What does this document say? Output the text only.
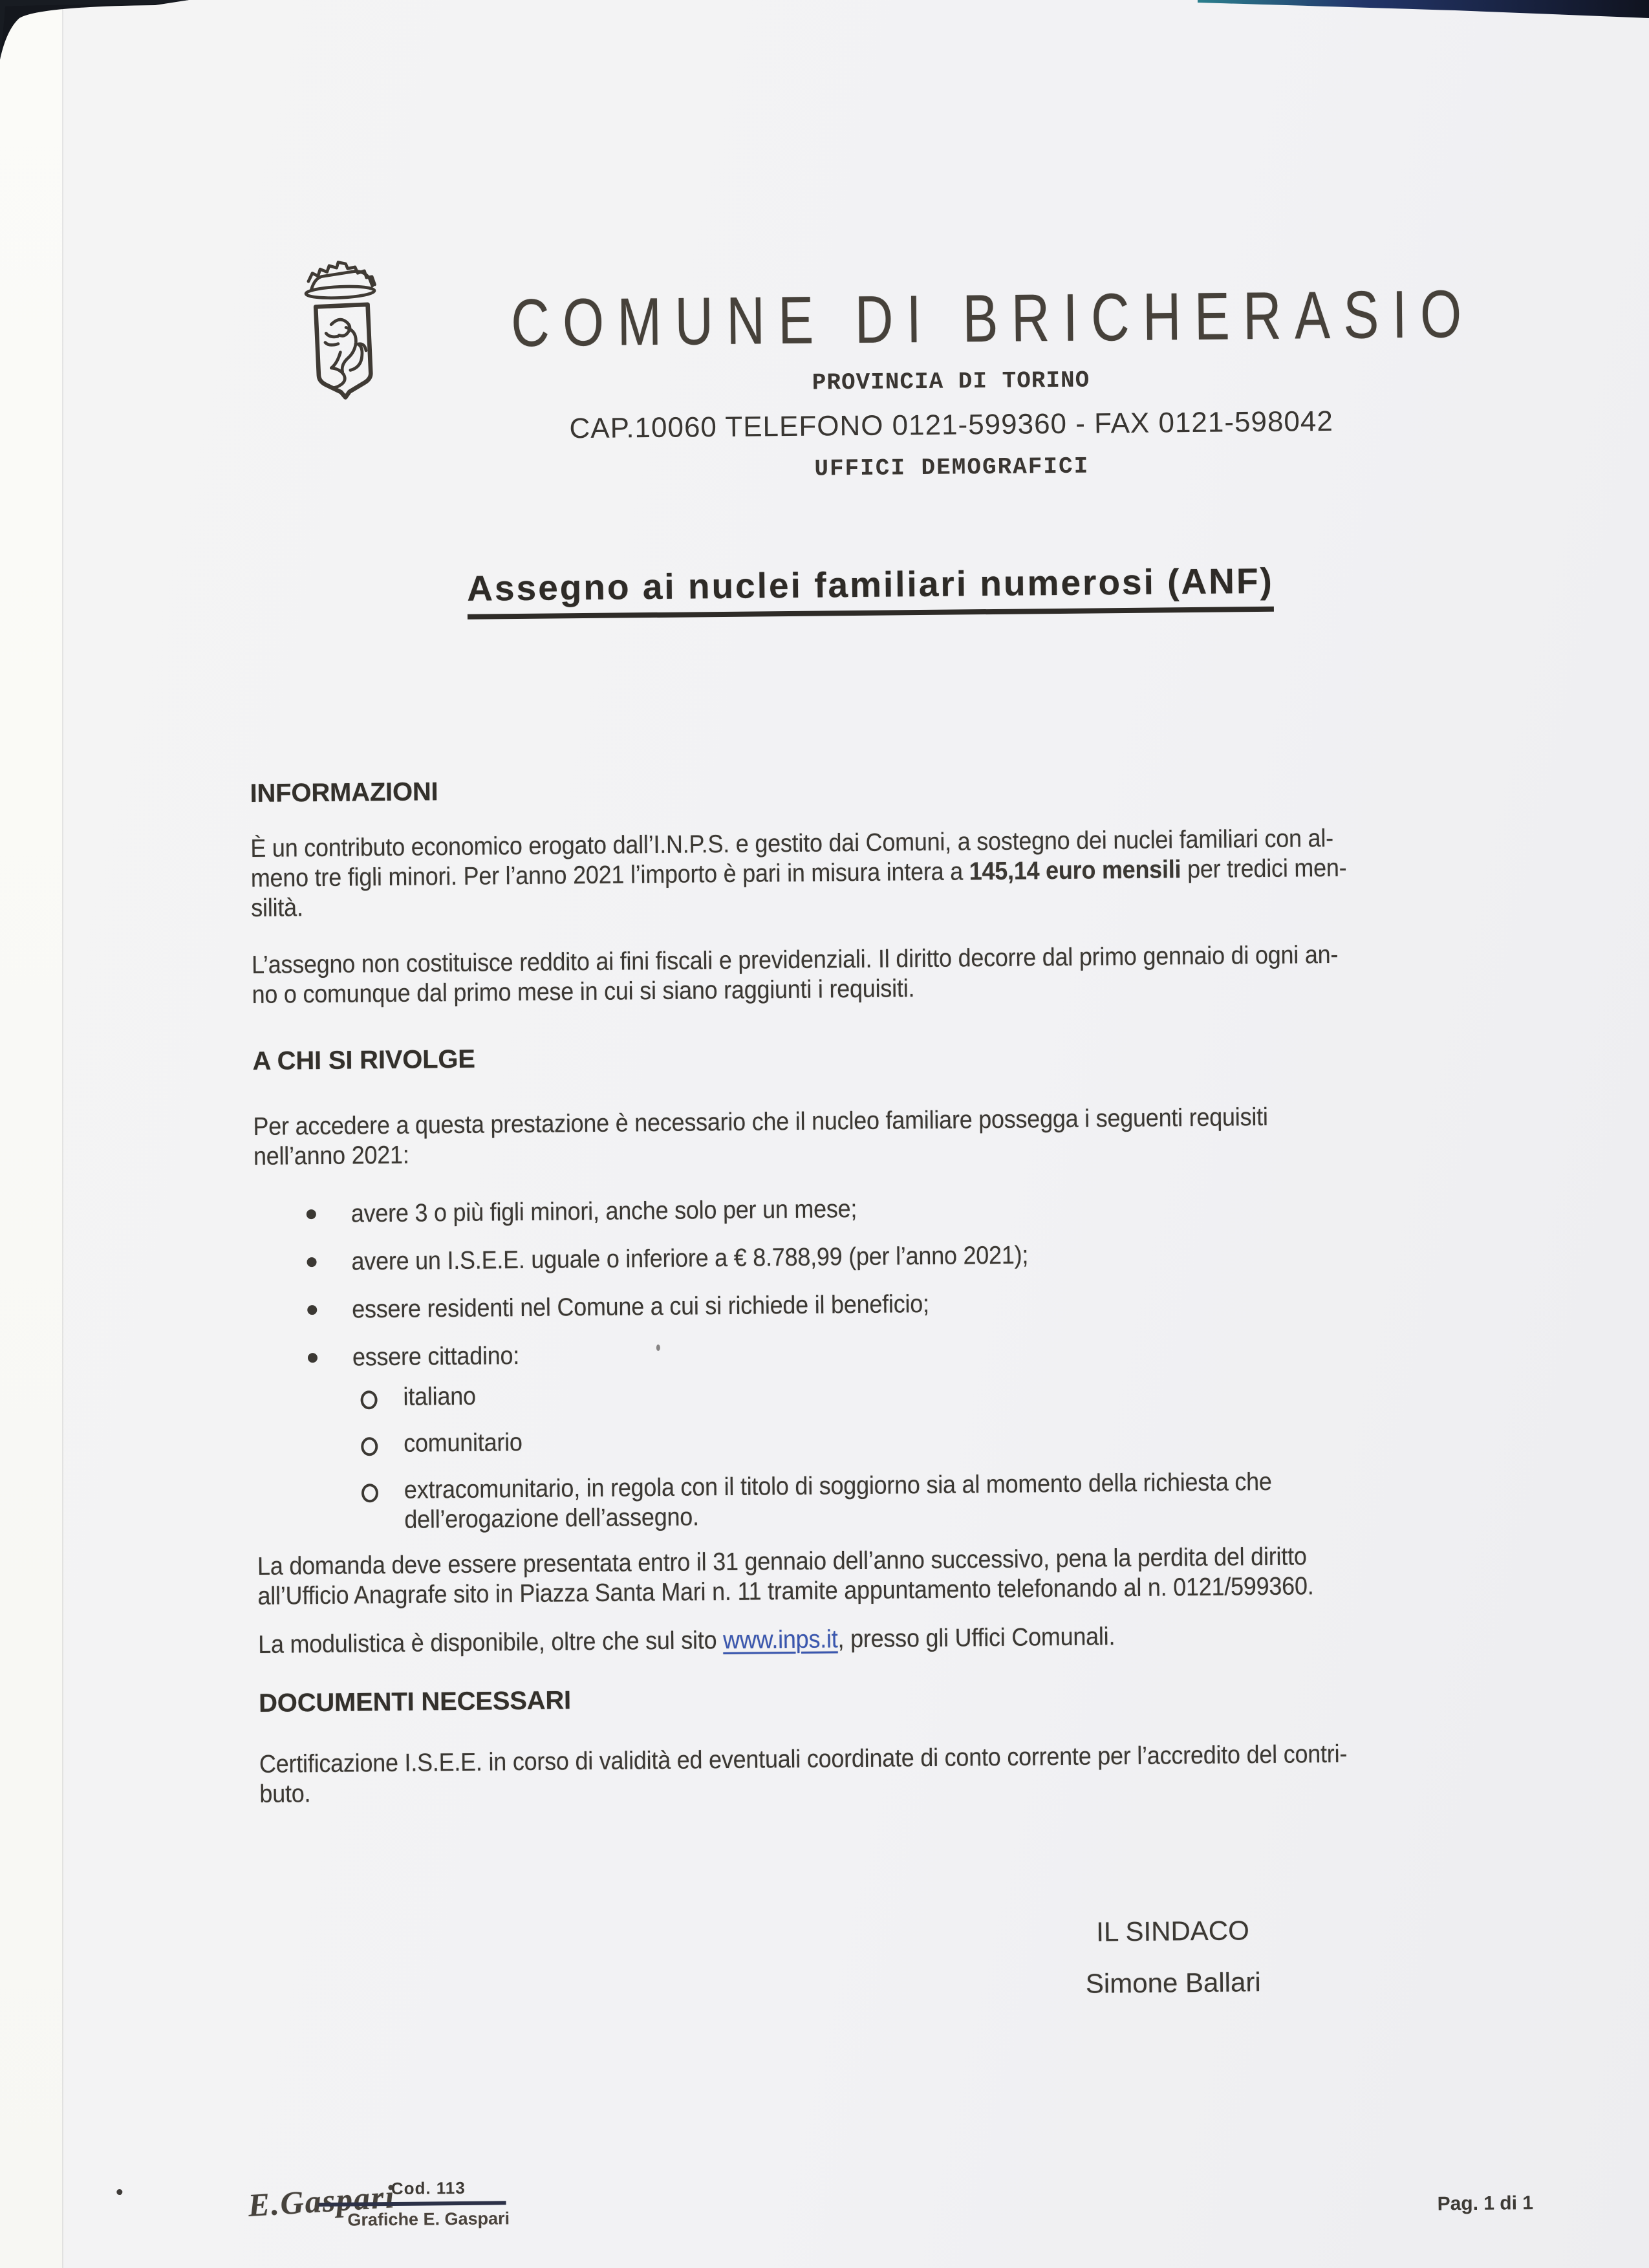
COMUNE DI BRICHERASIO
PROVINCIA DI TORINO
CAP.10060 TELEFONO 0121-599360 - FAX 0121-598042
UFFICI DEMOGRAFICI
Assegno ai nuclei familiari numerosi (ANF)
INFORMAZIONI
È un contributo economico erogato dall’I.N.P.S. e gestito dai Comuni, a sostegno dei nuclei familiari con al-
meno tre figli minori. Per l’anno 2021 l’importo è pari in misura intera a 145,14 euro mensili per tredici men-
silità.
L’assegno non costituisce reddito ai fini fiscali e previdenziali. Il diritto decorre dal primo gennaio di ogni an-
no o comunque dal primo mese in cui si siano raggiunti i requisiti.
A CHI SI RIVOLGE
Per accedere a questa prestazione è necessario che il nucleo familiare possegga i seguenti requisiti
nell’anno 2021:
avere 3 o più figli minori, anche solo per un mese;
avere un I.S.E.E. uguale o inferiore a € 8.788,99 (per l’anno 2021);
essere residenti nel Comune a cui si richiede il beneficio;
essere cittadino:
italiano
comunitario
extracomunitario, in regola con il titolo di soggiorno sia al momento della richiesta che
dell’erogazione dell’assegno.
La domanda deve essere presentata entro il 31 gennaio dell’anno successivo, pena la perdita del diritto
all’Ufficio Anagrafe sito in Piazza Santa Mari n. 11 tramite appuntamento telefonando al n. 0121/599360.
La modulistica è disponibile, oltre che sul sito www.inps.it, presso gli Uffici Comunali.
DOCUMENTI NECESSARI
Certificazione I.S.E.E. in corso di validità ed eventuali coordinate di conto corrente per l’accredito del contri-
buto.
IL SINDACO
Simone Ballari
E.Gaspari
Cod. 113
Grafiche E. Gaspari
Pag. 1 di 1
